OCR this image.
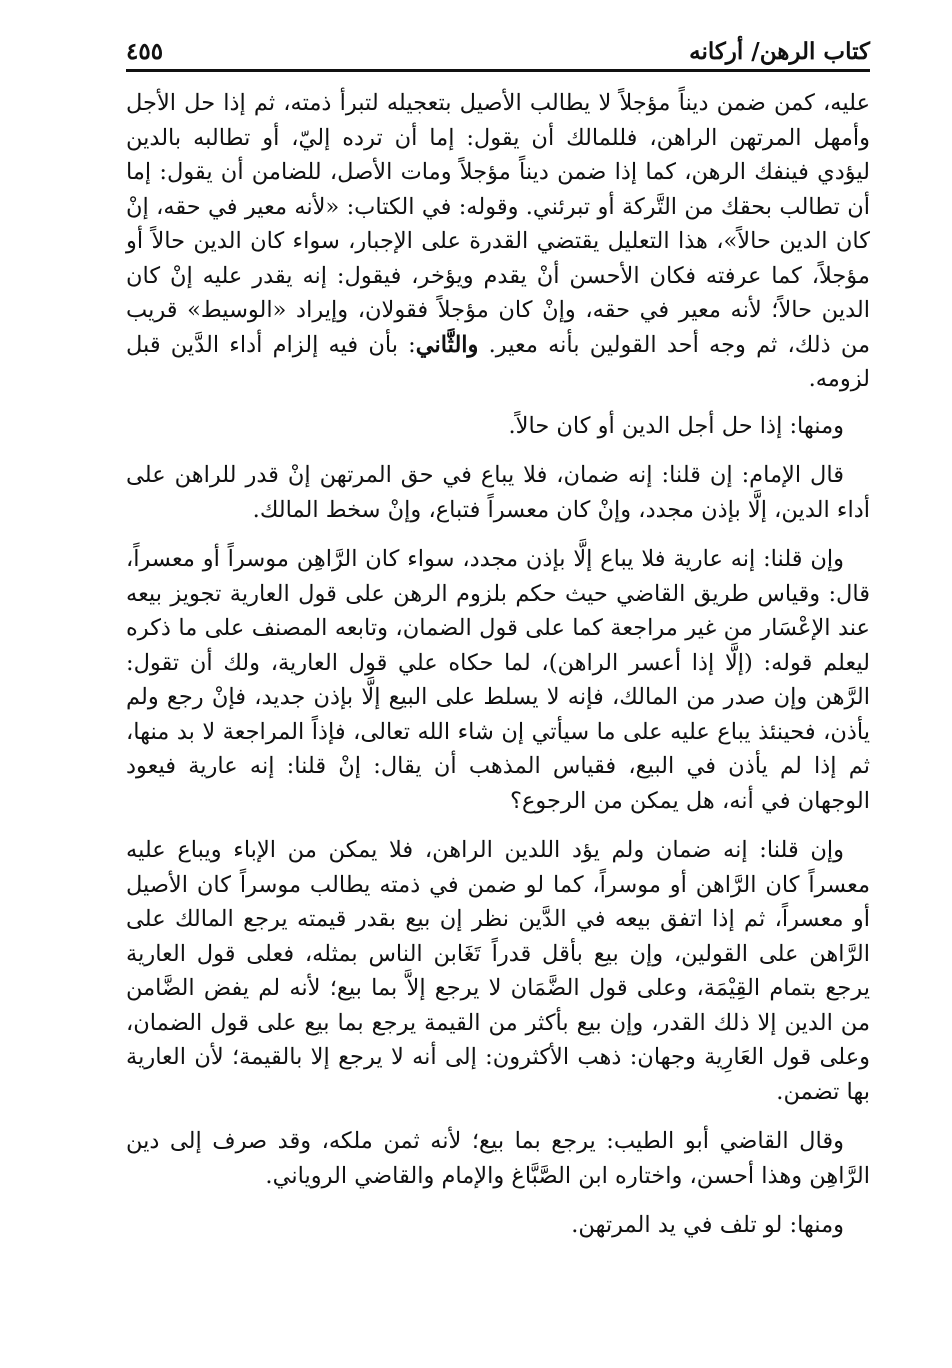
كتاب الرهن/ أركانه
٤٥٥

عليه، كمن ضمن ديناً مؤجلاً لا يطالب الأصيل بتعجيله لتبرأ ذمته، ثم إذا حل الأجل وأمهل المرتهن الراهن، فللمالك أن يقول: إما أن ترده إليّ، أو تطالبه بالدين ليؤدي فينفك الرهن، كما إذا ضمن ديناً مؤجلاً ومات الأصل، للضامن أن يقول: إما أن تطالب بحقك من التَّركة أو تبرئني. وقوله: في الكتاب: «لأنه معير في حقه، إنْ كان الدين حالاً»، هذا التعليل يقتضي القدرة على الإجبار، سواء كان الدين حالاً أو مؤجلاً، كما عرفته فكان الأحسن أنْ يقدم ويؤخر، فيقول: إنه يقدر عليه إنْ كان الدين حالاً؛ لأنه معير في حقه، وإنْ كان مؤجلاً فقولان، وإيراد «الوسيط» قريب من ذلك، ثم وجه أحد القولين بأنه معير. والثَّاني: بأن فيه إلزام أداء الدَّين قبل لزومه.

ومنها: إذا حل أجل الدين أو كان حالاً.

قال الإمام: إن قلنا: إنه ضمان، فلا يباع في حق المرتهن إنْ قدر للراهن على أداء الدين، إلَّا بإذن مجدد، وإنْ كان معسراً فتباع، وإنْ سخط المالك.

وإن قلنا: إنه عارية فلا يباع إلَّا بإذن مجدد، سواء كان الرَّاهِن موسراً أو معسراً، قال: وقياس طريق القاضي حيث حكم بلزوم الرهن على قول العارية تجويز بيعه عند الإعْسَار من غير مراجعة كما على قول الضمان، وتابعه المصنف على ما ذكره ليعلم قوله: (إلَّا إذا أعسر الراهن)، لما حكاه علي قول العارية، ولك أن تقول: الرَّهن وإن صدر من المالك، فإنه لا يسلط على البيع إلَّا بإذن جديد، فإنْ رجع ولم يأذن، فحينئذ يباع عليه على ما سيأتي إن شاء الله تعالى، فإذاً المراجعة لا بد منها، ثم إذا لم يأذن في البيع، فقياس المذهب أن يقال: إنْ قلنا: إنه عارية فيعود الوجهان في أنه، هل يمكن من الرجوع؟

وإن قلنا: إنه ضمان ولم يؤد اللدين الراهن، فلا يمكن من الإباء ويباع عليه معسراً كان الرَّاهن أو موسراً، كما لو ضمن في ذمته يطالب موسراً كان الأصيل أو معسراً، ثم إذا اتفق بيعه في الدَّين نظر إن بيع بقدر قيمته يرجع المالك على الرَّاهن على القولين، وإن بيع بأقل قدراً تَغَابن الناس بمثله، فعلى قول العارية يرجع بتمام القِيْمَة، وعلى قول الضَّمَان لا يرجع إلاَّ بما بيع؛ لأنه لم يفض الضَّامن من الدين إلا ذلك القدر، وإن بيع بأكثر من القيمة يرجع بما بيع على قول الضمان، وعلى قول العَارِية وجهان: ذهب الأكثرون: إلى أنه لا يرجع إلا بالقيمة؛ لأن العارية بها تضمن.

وقال القاضي أبو الطيب: يرجع بما بيع؛ لأنه ثمن ملكه، وقد صرف إلى دين الرَّاهِن وهذا أحسن، واختاره ابن الصَّبَّاغ والإمام والقاضي الروياني.

ومنها: لو تلف في يد المرتهن.
